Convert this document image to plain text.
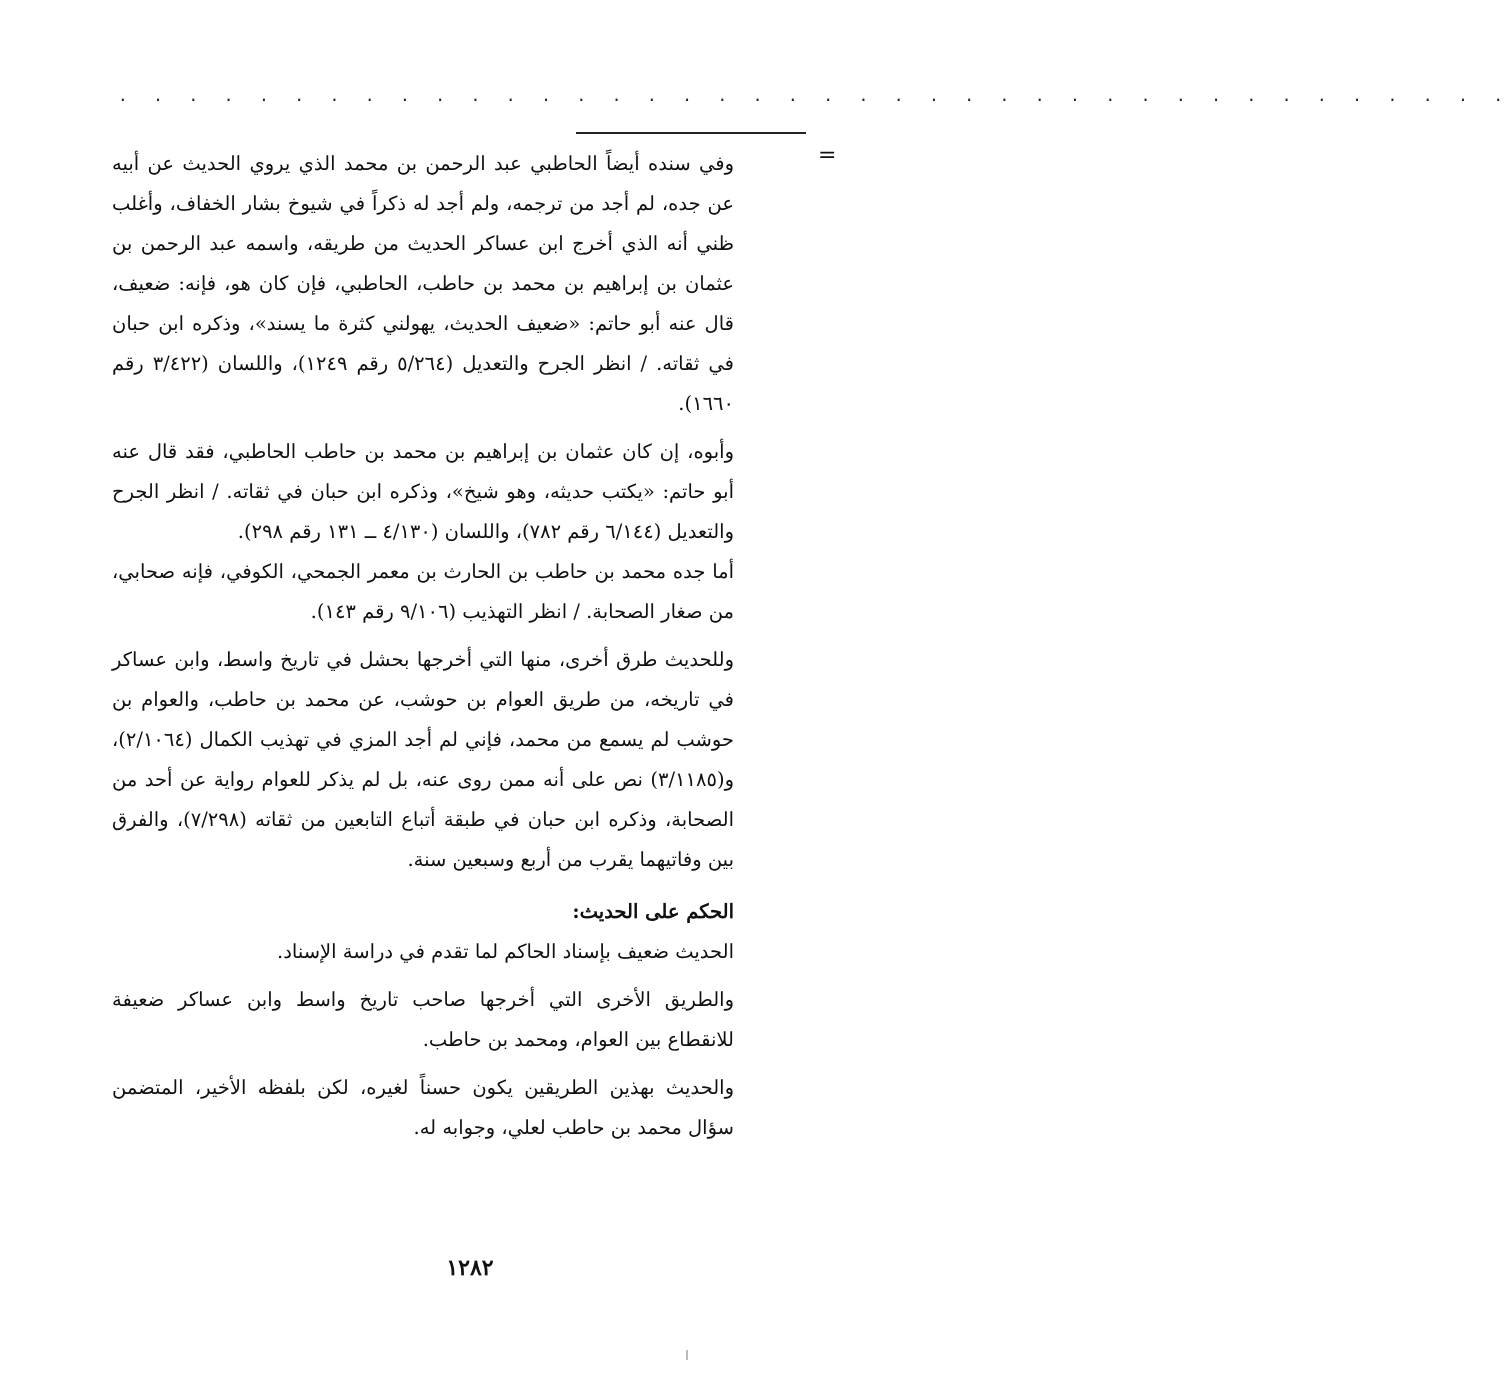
. . . . . . . . . . . . . . . . . . . . . . . . . . . . . . . . . . . . . . . .
=

وفي سنده أيضاً الحاطبي عبد الرحمن بن محمد الذي يروي الحديث عن أبيه عن جده، لم أجد من ترجمه، ولم أجد له ذكراً في شيوخ بشار الخفاف، وأغلب ظني أنه الذي أخرج ابن عساكر الحديث من طريقه، واسمه عبد الرحمن بن عثمان بن إبراهيم بن محمد بن حاطب، الحاطبي، فإن كان هو، فإنه: ضعيف، قال عنه أبو حاتم: «ضعيف الحديث، يهولني كثرة ما يسند»، وذكره ابن حبان في ثقاته. / انظر الجرح والتعديل (٥/٢٦٤ رقم ١٢٤٩)، واللسان (٣/٤٢٢ رقم ١٦٦٠).

وأبوه، إن كان عثمان بن إبراهيم بن محمد بن حاطب الحاطبي، فقد قال عنه أبو حاتم: «يكتب حديثه، وهو شيخ»، وذكره ابن حبان في ثقاته. / انظر الجرح والتعديل (٦/١٤٤ رقم ٧٨٢)، واللسان (٤/١٣٠ ــ ١٣١ رقم ٢٩٨).

أما جده محمد بن حاطب بن الحارث بن معمر الجمحي، الكوفي، فإنه صحابي، من صغار الصحابة. / انظر التهذيب (٩/١٠٦ رقم ١٤٣).

وللحديث طرق أخرى، منها التي أخرجها بحشل في تاريخ واسط، وابن عساكر في تاريخه، من طريق العوام بن حوشب، عن محمد بن حاطب، والعوام بن حوشب لم يسمع من محمد، فإني لم أجد المزي في تهذيب الكمال (٢/١٠٦٤)، و(٣/١١٨٥) نص على أنه ممن روى عنه، بل لم يذكر للعوام رواية عن أحد من الصحابة، وذكره ابن حبان في طبقة أتباع التابعين من ثقاته (٧/٢٩٨)، والفرق بين وفاتيهما يقرب من أربع وسبعين سنة.

الحكم على الحديث:

الحديث ضعيف بإسناد الحاكم لما تقدم في دراسة الإسناد.

والطريق الأخرى التي أخرجها صاحب تاريخ واسط وابن عساكر ضعيفة للانقطاع بين العوام، ومحمد بن حاطب.

والحديث بهذين الطريقين يكون حسناً لغيره، لكن بلفظه الأخير، المتضمن سؤال محمد بن حاطب لعلي، وجوابه له.

١٢٨٢
